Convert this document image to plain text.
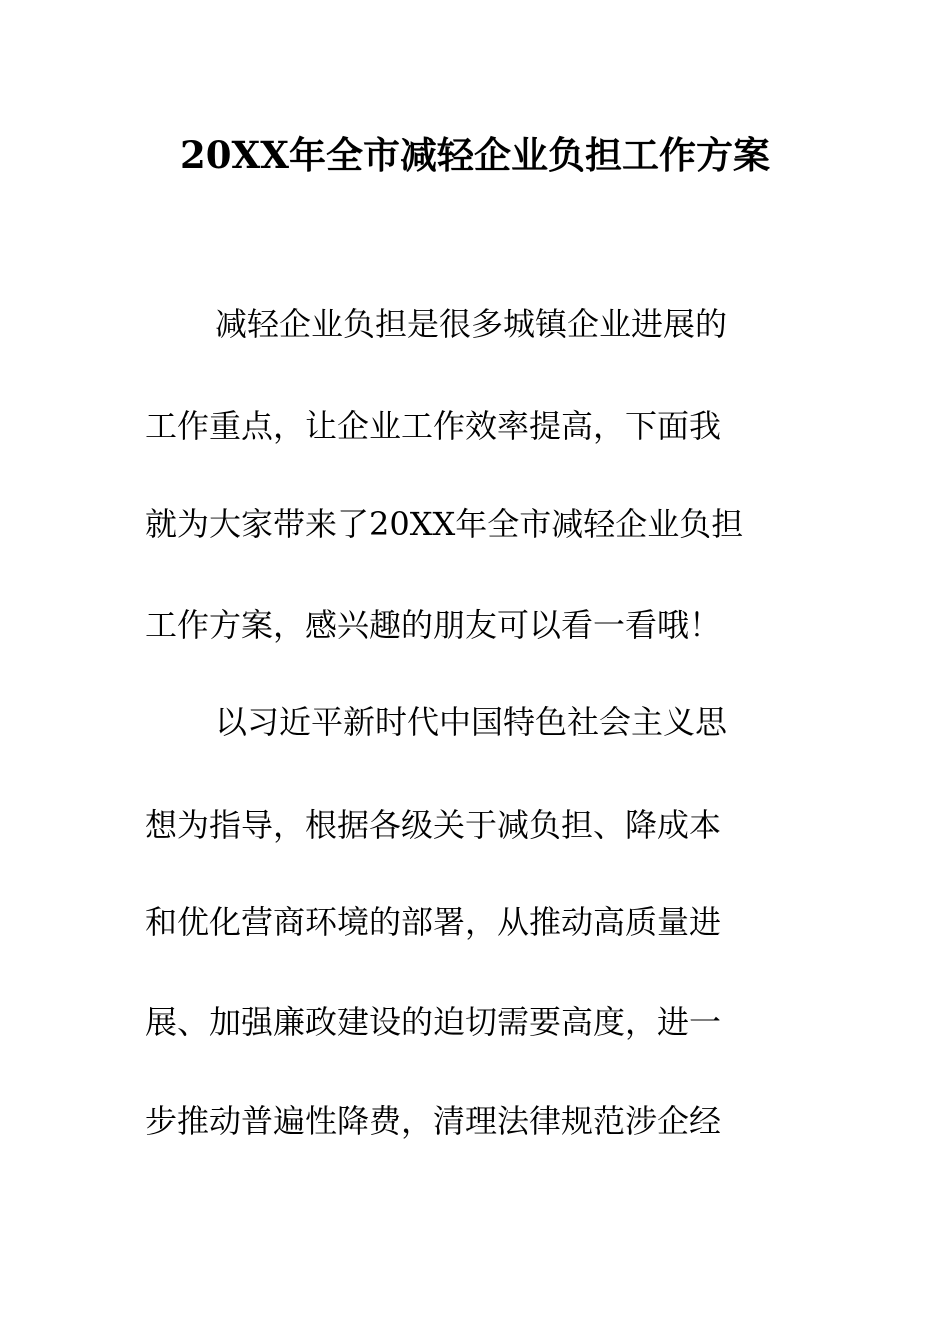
20XX年全市减轻企业负担工作方案

减轻企业负担是很多城镇企业进展的

工作重点，让企业工作效率提高，下面我

就为大家带来了20XX年全市减轻企业负担

工作方案，感兴趣的朋友可以看一看哦！

以习近平新时代中国特色社会主义思

想为指导，根据各级关于减负担、降成本

和优化营商环境的部署，从推动高质量进

展、加强廉政建设的迫切需要高度，进一

步推动普遍性降费，清理法律规范涉企经
